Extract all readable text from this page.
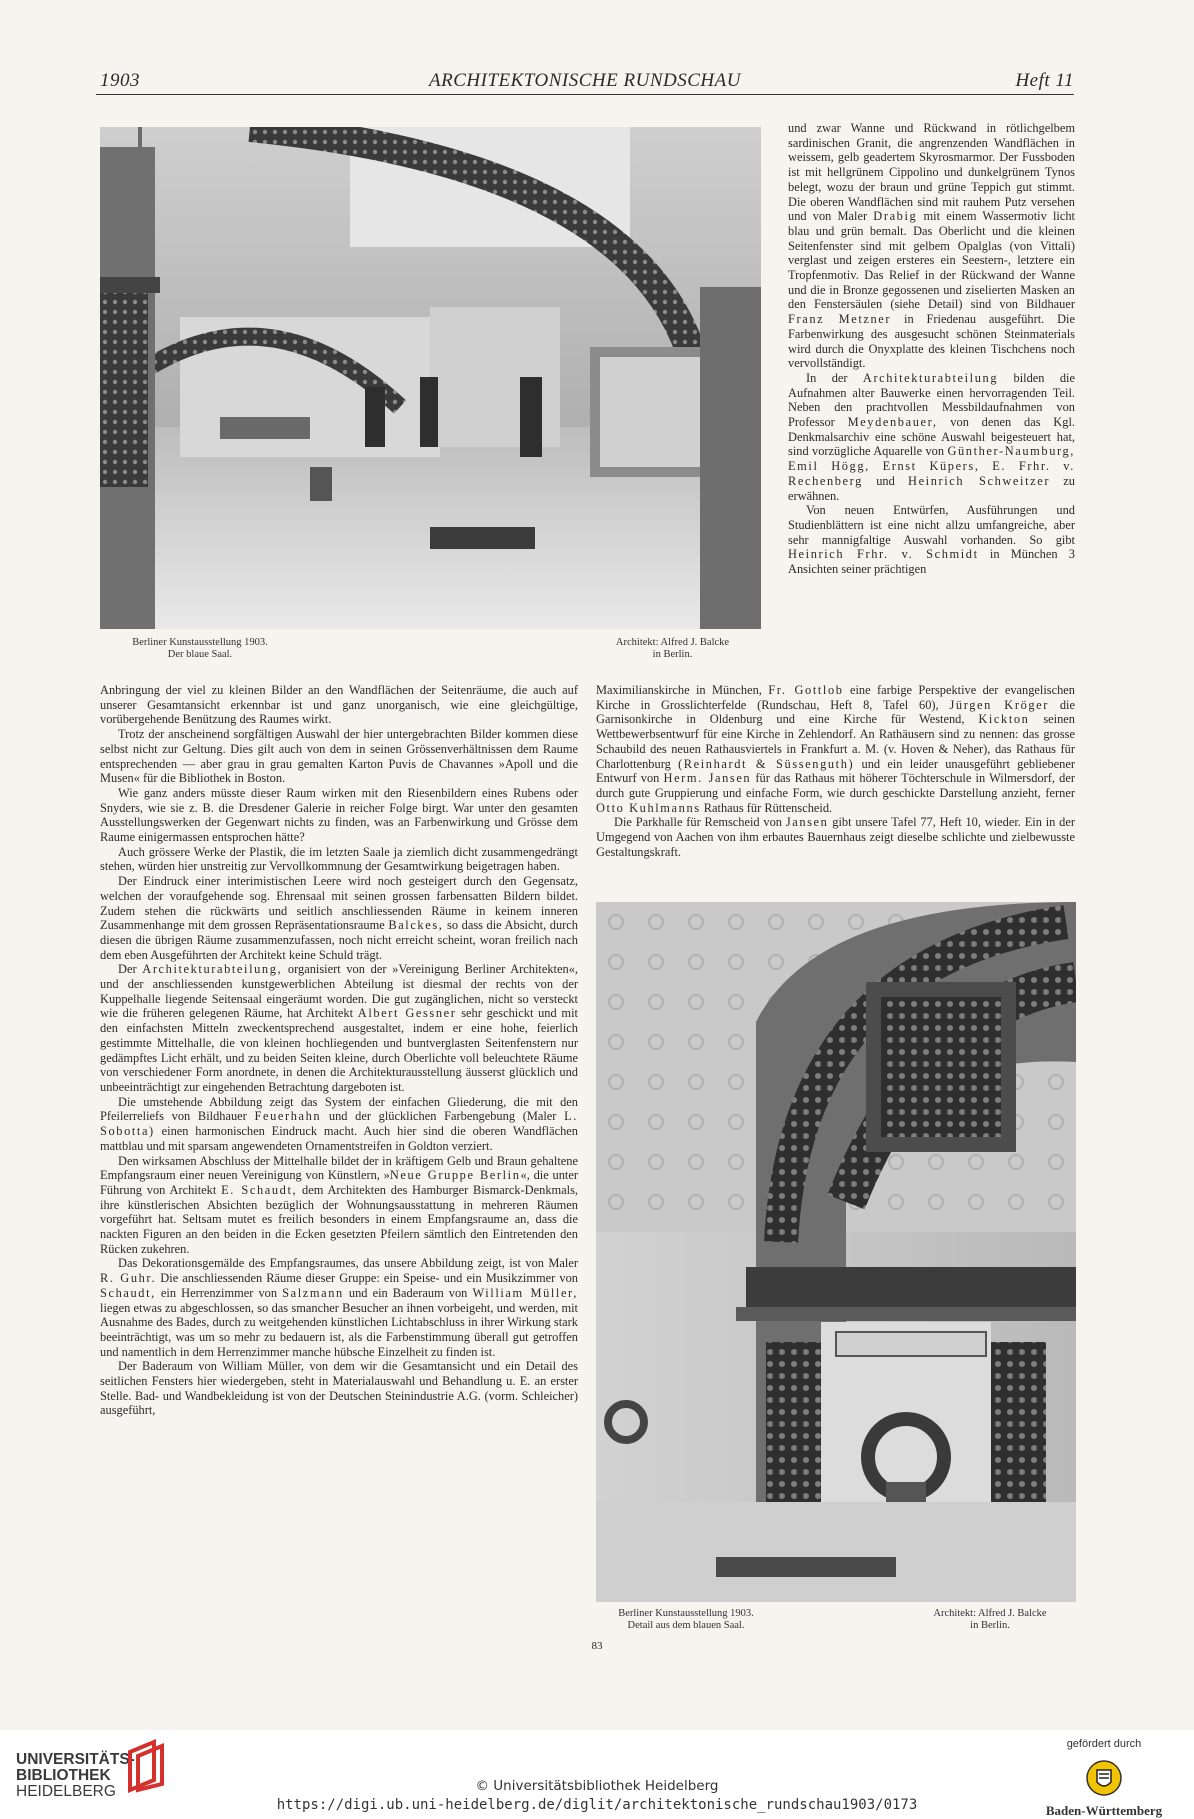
1903	ARCHITEKTONISCHE RUNDSCHAU	Heft 11
Berliner Kunstausstellung 1903.
Der blaue Saal.
Architekt: Alfred J. Balcke
in Berlin.

und zwar Wanne und Rückwand in rötlichgelbem sardinischen Granit, die angrenzenden Wandflächen in weissem, gelb geadertem Skyrosmarmor. Der Fussboden ist mit hellgrünem Cippolino und dunkelgrünem Tynos belegt, wozu der braun und grüne Teppich gut stimmt. Die oberen Wandflächen sind mit rauhem Putz versehen und von Maler Drabig mit einem Wassermotiv licht blau und grün bemalt. Das Oberlicht und die kleinen Seitenfenster sind mit gelbem Opalglas (von Vittali) verglast und zeigen ersteres ein Seestern-, letztere ein Tropfenmotiv. Das Relief in der Rückwand der Wanne und die in Bronze gegossenen und ziselierten Masken an den Fenstersäulen (siehe Detail) sind von Bildhauer Franz Metzner in Friedenau ausgeführt. Die Farbenwirkung des ausgesucht schönen Steinmaterials wird durch die Onyxplatte des kleinen Tischchens noch vervollständigt.

In der Architekturabteilung bilden die Aufnahmen alter Bauwerke einen hervorragenden Teil. Neben den prachtvollen Messbildaufnahmen von Professor Meydenbauer, von denen das Kgl. Denkmalsarchiv eine schöne Auswahl beigesteuert hat, sind vorzügliche Aquarelle von Günther-Naumburg, Emil Högg, Ernst Küpers, E. Frhr. v. Rechenberg und Heinrich Schweitzer zu erwähnen.

Von neuen Entwürfen, Ausführungen und Studienblättern ist eine nicht allzu umfangreiche, aber sehr mannigfaltige Auswahl vorhanden. So gibt Heinrich Frhr. v. Schmidt in München 3 Ansichten seiner prächtigen

Maximilianskirche in München, Fr. Gottlob eine farbige Perspektive der evangelischen Kirche in Grosslichterfelde (Rundschau, Heft 8, Tafel 60), Jürgen Kröger die Garnisonkirche in Oldenburg und eine Kirche für Westend, Kickton seinen Wettbewerbsentwurf für eine Kirche in Zehlendorf. An Rathäusern sind zu nennen: das grosse Schaubild des neuen Rathausviertels in Frankfurt a. M. (v. Hoven & Neher), das Rathaus für Charlottenburg (Reinhardt & Süssenguth) und ein leider unausgeführt gebliebener Entwurf von Herm. Jansen für das Rathaus mit höherer Töchterschule in Wilmersdorf, der durch gute Gruppierung und einfache Form, wie durch geschickte Darstellung anzieht, ferner Otto Kuhlmanns Rathaus für Rüttenscheid.

Die Parkhalle für Remscheid von Jansen gibt unsere Tafel 77, Heft 10, wieder. Ein in der Umgegend von Aachen von ihm erbautes Bauernhaus zeigt dieselbe schlichte und zielbewusste Gestaltungskraft.

Anbringung der viel zu kleinen Bilder an den Wandflächen der Seitenräume, die auch auf unserer Gesamtansicht erkennbar ist und ganz unorganisch, wie eine gleichgültige, vorübergehende Benützung des Raumes wirkt.

Trotz der anscheinend sorgfältigen Auswahl der hier untergebrachten Bilder kommen diese selbst nicht zur Geltung. Dies gilt auch von dem in seinen Grössenverhältnissen dem Raume entsprechenden — aber grau in grau gemalten Karton Puvis de Chavannes »Apoll und die Musen« für die Bibliothek in Boston.

Wie ganz anders müsste dieser Raum wirken mit den Riesenbildern eines Rubens oder Snyders, wie sie z. B. die Dresdener Galerie in reicher Folge birgt. War unter den gesamten Ausstellungswerken der Gegenwart nichts zu finden, was an Farbenwirkung und Grösse dem Raume einigermassen entsprochen hätte?

Auch grössere Werke der Plastik, die im letzten Saale ja ziemlich dicht zusammengedrängt stehen, würden hier unstreitig zur Vervollkommnung der Gesamtwirkung beigetragen haben.

Der Eindruck einer interimistischen Leere wird noch gesteigert durch den Gegensatz, welchen der voraufgehende sog. Ehrensaal mit seinen grossen farbensatten Bildern bildet. Zudem stehen die rückwärts und seitlich anschliessenden Räume in keinem inneren Zusammenhange mit dem grossen Repräsentationsraume Balckes, so dass die Absicht, durch diesen die übrigen Räume zusammenzufassen, noch nicht erreicht scheint, woran freilich nach dem eben Ausgeführten der Architekt keine Schuld trägt.

Der Architekturabteilung, organisiert von der »Vereinigung Berliner Architekten«, und der anschliessenden kunstgewerblichen Abteilung ist diesmal der rechts von der Kuppelhalle liegende Seitensaal eingeräumt worden. Die gut zugänglichen, nicht so versteckt wie die früheren gelegenen Räume, hat Architekt Albert Gessner sehr geschickt und mit den einfachsten Mitteln zweckentsprechend ausgestaltet, indem er eine hohe, feierlich gestimmte Mittelhalle, die von kleinen hochliegenden und buntverglasten Seitenfenstern nur gedämpftes Licht erhält, und zu beiden Seiten kleine, durch Oberlichte voll beleuchtete Räume von verschiedener Form anordnete, in denen die Architekturausstellung äusserst glücklich und unbeeinträchtigt zur eingehenden Betrachtung dargeboten ist.

Die umstehende Abbildung zeigt das System der einfachen Gliederung, die mit den Pfeilerreliefs von Bildhauer Feuerhahn und der glücklichen Farbengebung (Maler L. Sobotta) einen harmonischen Eindruck macht. Auch hier sind die oberen Wandflächen mattblau und mit sparsam angewendeten Ornamentstreifen in Goldton verziert.

Den wirksamen Abschluss der Mittelhalle bildet der in kräftigem Gelb und Braun gehaltene Empfangsraum einer neuen Vereinigung von Künstlern, »Neue Gruppe Berlin«, die unter Führung von Architekt E. Schaudt, dem Architekten des Hamburger Bismarck-Denkmals, ihre künstlerischen Absichten bezüglich der Wohnungsausstattung in mehreren Räumen vorgeführt hat. Seltsam mutet es freilich besonders in einem Empfangsraume an, dass die nackten Figuren an den beiden in die Ecken gesetzten Pfeilern sämtlich den Eintretenden den Rücken zukehren.

Das Dekorationsgemälde des Empfangsraumes, das unsere Abbildung zeigt, ist von Maler R. Guhr. Die anschliessenden Räume dieser Gruppe: ein Speise- und ein Musikzimmer von Schaudt, ein Herrenzimmer von Salzmann und ein Baderaum von William Müller, liegen etwas zu abgeschlossen, so das smancher Besucher an ihnen vorbeigeht, und werden, mit Ausnahme des Bades, durch zu weitgehenden künstlichen Lichtabschluss in ihrer Wirkung stark beeinträchtigt, was um so mehr zu bedauern ist, als die Farbenstimmung überall gut getroffen und namentlich in dem Herrenzimmer manche hübsche Einzelheit zu finden ist.

Der Baderaum von William Müller, von dem wir die Gesamtansicht und ein Detail des seitlichen Fensters hier wiedergeben, steht in Materialauswahl und Behandlung u. E. an erster Stelle. Bad- und Wandbekleidung ist von der Deutschen Steinindustrie A.G. (vorm. Schleicher) ausgeführt,

Berliner Kunstausstellung 1903.
Detail aus dem blauen Saal.
Architekt: Alfred J. Balcke
in Berlin.
83
UNIVERSITÄTS-
BIBLIOTHEK
HEIDELBERG	© Universitätsbibliothek Heidelberg
https://digi.ub.uni-heidelberg.de/diglit/architektonische_rundschau1903/0173
gefördert durch
Baden-Württemberg
